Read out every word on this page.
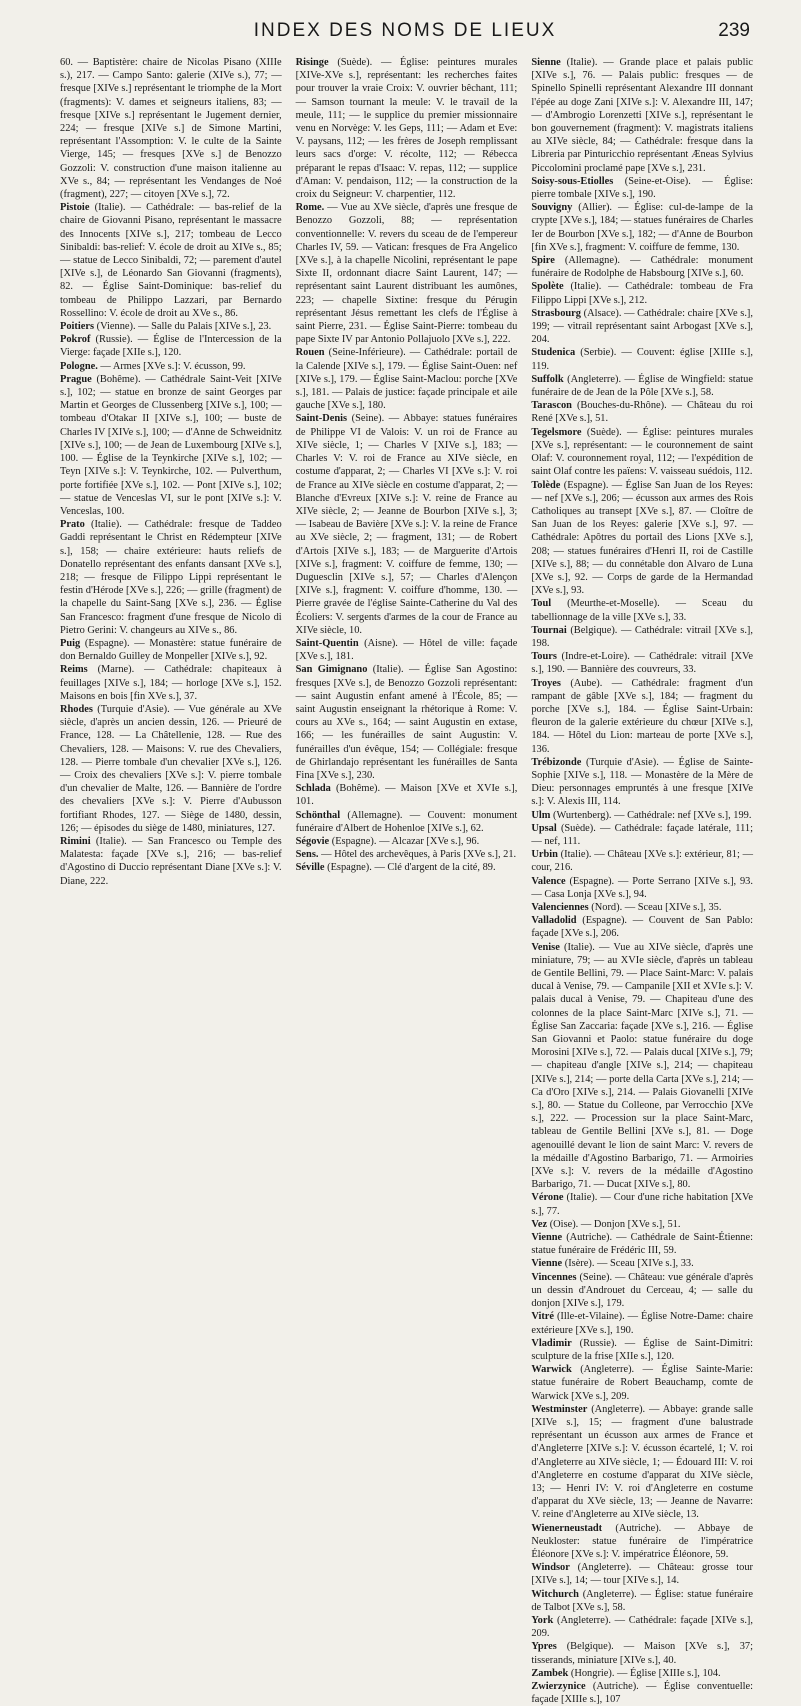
INDEX DES NOMS DE LIEUX	239

60. — Baptistère: chaire de Nicolas Pisano (XIIIe s.), 217. — Campo Santo: galerie (XIVe s.), 77; — fresque [XIVe s.] représentant le triomphe de la Mort (fragments): V. dames et seigneurs italiens, 83; — fresque [XIVe s.] représentant le Jugement dernier, 224; — fresque [XIVe s.] de Simone Martini, représentant l'Assomption: V. le culte de la Sainte Vierge, 145; — fresques [XVe s.] de Benozzo Gozzoli: V. construction d'une maison italienne au XVe s., 84; — représentant les Vendanges de Noé (fragment), 227; — citoyen [XVe s.], 72.

Pistoie (Italie). — Cathédrale: — bas-relief de la chaire de Giovanni Pisano, représentant le massacre des Innocents [XIVe s.], 217; tombeau de Lecco Sinibaldi: bas-relief: V. école de droit au XIVe s., 85; — statue de Lecco Sinibaldi, 72; — parement d'autel [XIVe s.], de Léonardo San Giovanni (fragments), 82. — Église Saint-Dominique: bas-relief du tombeau de Philippo Lazzari, par Bernardo Rossellino: V. école de droit au XVe s., 86.

Poitiers (Vienne). — Salle du Palais [XIVe s.], 23.

Pokrof (Russie). — Église de l'Intercession de la Vierge: façade [XIIe s.], 120.

Pologne. — Armes [XVe s.]: V. écusson, 99.

Prague (Bohême). — Cathédrale Saint-Veit [XIVe s.], 102; — statue en bronze de saint Georges par Martin et Georges de Clussenberg [XIVe s.], 100; — tombeau d'Otakar II [XIVe s.], 100; — buste de Charles IV [XIVe s.], 100; — d'Anne de Schweidnitz [XIVe s.], 100; — de Jean de Luxembourg [XIVe s.], 100. — Église de la Teynkirche [XIVe s.], 102; — Teyn [XIVe s.]: V. Teynkirche, 102. — Pulverthum, porte fortifiée [XVe s.], 102. — Pont [XIVe s.], 102; — statue de Venceslas VI, sur le pont [XIVe s.]: V. Venceslas, 100.

Prato (Italie). — Cathédrale: fresque de Taddeo Gaddi représentant le Christ en Rédempteur [XIVe s.], 158; — chaire extérieure: hauts reliefs de Donatello représentant des enfants dansant [XVe s.], 218; — fresque de Filippo Lippi représentant le festin d'Hérode [XVe s.], 226; — grille (fragment) de la chapelle du Saint-Sang [XVe s.], 236. — Église San Francesco: fragment d'une fresque de Nicolo di Pietro Gerini: V. changeurs au XIVe s., 86.

Puig (Espagne). — Monastère: statue funéraire de don Bernaldo Guilley de Monpeller [XIVe s.], 92.

Reims (Marne). — Cathédrale: chapiteaux à feuillages [XIVe s.], 184; — horloge [XVe s.], 152. Maisons en bois [fin XVe s.], 37.

Rhodes (Turquie d'Asie). — Vue générale au XVe siècle, d'après un ancien dessin, 126. — Prieuré de France, 128. — La Châtellenie, 128. — Rue des Chevaliers, 128. — Maisons: V. rue des Chevaliers, 128. — Pierre tombale d'un chevalier [XVe s.], 126. — Croix des chevaliers [XVe s.]: V. pierre tombale d'un chevalier de Malte, 126. — Bannière de l'ordre des chevaliers [XVe s.]: V. Pierre d'Aubusson fortifiant Rhodes, 127. — Siège de 1480, dessin, 126; — épisodes du siège de 1480, miniatures, 127.

Rimini (Italie). — San Francesco ou Temple des Malatesta: façade [XVe s.], 216; — bas-relief d'Agostino di Duccio représentant Diane [XVe s.]: V. Diane, 222.

Risinge (Suède). — Église: peintures murales [XIVe-XVe s.], représentant: les recherches faites pour trouver la vraie Croix: V. ouvrier bêchant, 111; — Samson tournant la meule: V. le travail de la meule, 111; — le supplice du premier missionnaire venu en Norvège: V. les Geps, 111; — Adam et Eve: V. paysans, 112; — les frères de Joseph remplissant leurs sacs d'orge: V. récolte, 112; — Rébecca préparant le repas d'Isaac: V. repas, 112; — supplice d'Aman: V. pendaison, 112; — la construction de la croix du Seigneur: V. charpentier, 112.

Rome. — Vue au XVe siècle, d'après une fresque de Benozzo Gozzoli, 88; — représentation conventionnelle: V. revers du sceau de de l'empereur Charles IV, 59. — Vatican: fresques de Fra Angelico [XVe s.], à la chapelle Nicolini, représentant le pape Sixte II, ordonnant diacre Saint Laurent, 147; — représentant saint Laurent distribuant les aumônes, 223; — chapelle Sixtine: fresque du Pérugin représentant Jésus remettant les clefs de l'Église à saint Pierre, 231. — Église Saint-Pierre: tombeau du pape Sixte IV par Antonio Pollajuolo [XVe s.], 222.

Rouen (Seine-Inférieure). — Cathédrale: portail de la Calende [XIVe s.], 179. — Église Saint-Ouen: nef [XIVe s.], 179. — Église Saint-Maclou: porche [XVe s.], 181. — Palais de justice: façade principale et aile gauche [XVe s.], 180.

Saint-Denis (Seine). — Abbaye: statues funéraires de Philippe VI de Valois: V. un roi de France au XIVe siècle, 1; — Charles V [XIVe s.], 183; — Charles V: V. roi de France au XIVe siècle, en costume d'apparat, 2; — Charles VI [XVe s.]: V. roi de France au XIVe siècle en costume d'apparat, 2; — Blanche d'Evreux [XIVe s.]: V. reine de France au XIVe siècle, 2; — Jeanne de Bourbon [XIVe s.], 3; — Isabeau de Bavière [XVe s.]: V. la reine de France au XVe siècle, 2; — fragment, 131; — de Robert d'Artois [XIVe s.], 183; — de Marguerite d'Artois [XIVe s.], fragment: V. coiffure de femme, 130; — Duguesclin [XIVe s.], 57; — Charles d'Alençon [XIVe s.], fragment: V. coiffure d'homme, 130. — Pierre gravée de l'église Sainte-Catherine du Val des Écoliers: V. sergents d'armes de la cour de France au XIVe siècle, 10.

Saint-Quentin (Aisne). — Hôtel de ville: façade [XVe s.], 181.

San Gimignano (Italie). — Église San Agostino: fresques [XVe s.], de Benozzo Gozzoli représentant: — saint Augustin enfant amené à l'École, 85; — saint Augustin enseignant la rhétorique à Rome: V. cours au XVe s., 164; — saint Augustin en extase, 166; — les funérailles de saint Augustin: V. funérailles d'un évêque, 154; — Collégiale: fresque de Ghirlandajo représentant les funérailles de Santa Fina [XVe s.], 230.

Schlada (Bohême). — Maison [XVe et XVIe s.], 101.

Schönthal (Allemagne). — Couvent: monument funéraire d'Albert de Hohenloe [XIVe s.], 62.

Ségovie (Espagne). — Alcazar [XVe s.], 96.

Sens. — Hôtel des archevêques, à Paris [XVe s.], 21.

Séville (Espagne). — Clé d'argent de la cité, 89.

Sienne (Italie). — Grande place et palais public [XIVe s.], 76. — Palais public: fresques — de Spinello Spinelli représentant Alexandre III donnant l'épée au doge Zani [XIVe s.]: V. Alexandre III, 147; — d'Ambrogio Lorenzetti [XIVe s.], représentant le bon gouvernement (fragment): V. magistrats italiens au XIVe siècle, 84; — Cathédrale: fresque dans la Libreria par Pinturicchio représentant Æneas Sylvius Piccolomini proclamé pape [XVe s.], 231.

Soisy-sous-Etiolles (Seine-et-Oise). — Église: pierre tombale [XIVe s.], 190.

Souvigny (Allier). — Église: cul-de-lampe de la crypte [XVe s.], 184; — statues funéraires de Charles Ier de Bourbon [XVe s.], 182; — d'Anne de Bourbon [fin XVe s.], fragment: V. coiffure de femme, 130.

Spire (Allemagne). — Cathédrale: monument funéraire de Rodolphe de Habsbourg [XIVe s.], 60.

Spolète (Italie). — Cathédrale: tombeau de Fra Filippo Lippi [XVe s.], 212.

Strasbourg (Alsace). — Cathédrale: chaire [XVe s.], 199; — vitrail représentant saint Arbogast [XVe s.], 204.

Studenica (Serbie). — Couvent: église [XIIIe s.], 119.

Suffolk (Angleterre). — Église de Wingfield: statue funéraire de de Jean de la Pôle [XVe s.], 58.

Tarascon (Bouches-du-Rhône). — Château du roi René [XVe s.], 51.

Tegelsmore (Suède). — Église: peintures murales [XVe s.], représentant: — le couronnement de saint Olaf: V. couronnement royal, 112; — l'expédition de saint Olaf contre les païens: V. vaisseau suédois, 112.

Tolède (Espagne). — Église San Juan de los Reyes: — nef [XVe s.], 206; — écusson aux armes des Rois Catholiques au transept [XVe s.], 87. — Cloître de San Juan de los Reyes: galerie [XVe s.], 97. — Cathédrale: Apôtres du portail des Lions [XVe s.], 208; — statues funéraires d'Henri II, roi de Castille [XIVe s.], 88; — du connétable don Alvaro de Luna [XVe s.], 92. — Corps de garde de la Hermandad [XVe s.], 93.

Toul (Meurthe-et-Moselle). — Sceau du tabellionnage de la ville [XVe s.], 33.

Tournai (Belgique). — Cathédrale: vitrail [XVe s.], 198.

Tours (Indre-et-Loire). — Cathédrale: vitrail [XVe s.], 190. — Bannière des couvreurs, 33.

Troyes (Aube). — Cathédrale: fragment d'un rampant de gâble [XVe s.], 184; — fragment du porche [XVe s.], 184. — Église Saint-Urbain: fleuron de la galerie extérieure du chœur [XIVe s.], 184. — Hôtel du Lion: marteau de porte [XVe s.], 136.

Trébizonde (Turquie d'Asie). — Église de Sainte-Sophie [XIVe s.], 118. — Monastère de la Mère de Dieu: personnages empruntés à une fresque [XIVe s.]: V. Alexis III, 114.

Ulm (Wurtenberg). — Cathédrale: nef [XVe s.], 199.

Upsal (Suède). — Cathédrale: façade latérale, 111; — nef, 111.

Urbin (Italie). — Château [XVe s.]: extérieur, 81; — cour, 216.

Valence (Espagne). — Porte Serrano [XIVe s.], 93. — Casa Lonja [XVe s.], 94.

Valenciennes (Nord). — Sceau [XIVe s.], 35.

Valladolid (Espagne). — Couvent de San Pablo: façade [XVe s.], 206.

Venise (Italie). — Vue au XIVe siècle, d'après une miniature, 79; — au XVIe siècle, d'après un tableau de Gentile Bellini, 79. — Place Saint-Marc: V. palais ducal à Venise, 79. — Campanile [XII et XVIe s.]: V. palais ducal à Venise, 79. — Chapiteau d'une des colonnes de la place Saint-Marc [XIVe s.], 71. — Église San Zaccaria: façade [XVe s.], 216. — Église San Giovanni et Paolo: statue funéraire du doge Morosini [XIVe s.], 72. — Palais ducal [XIVe s.], 79; — chapiteau d'angle [XIVe s.], 214; — chapiteau [XIVe s.], 214; — porte della Carta [XVe s.], 214; — Ca d'Oro [XIVe s.], 214. — Palais Giovanelli [XIVe s.], 80. — Statue du Colleone, par Verrocchio [XVe s.], 222. — Procession sur la place Saint-Marc, tableau de Gentile Bellini [XVe s.], 81. — Doge agenouillé devant le lion de saint Marc: V. revers de la médaille d'Agostino Barbarigo, 71. — Armoiries [XVe s.]: V. revers de la médaille d'Agostino Barbarigo, 71. — Ducat [XIVe s.], 80.

Vérone (Italie). — Cour d'une riche habitation [XVe s.], 77.

Vez (Oise). — Donjon [XVe s.], 51.

Vienne (Autriche). — Cathédrale de Saint-Étienne: statue funéraire de Frédéric III, 59.

Vienne (Isère). — Sceau [XIVe s.], 33.

Vincennes (Seine). — Château: vue générale d'après un dessin d'Androuet du Cerceau, 4; — salle du donjon [XIVe s.], 179.

Vitré (Ille-et-Vilaine). — Église Notre-Dame: chaire extérieure [XVe s.], 190.

Vladimir (Russie). — Église de Saint-Dimitri: sculpture de la frise [XIIe s.], 120.

Warwick (Angleterre). — Église Sainte-Marie: statue funéraire de Robert Beauchamp, comte de Warwick [XVe s.], 209.

Westminster (Angleterre). — Abbaye: grande salle [XIVe s.], 15; — fragment d'une balustrade représentant un écusson aux armes de France et d'Angleterre [XIVe s.]: V. écusson écartelé, 1; V. roi d'Angleterre au XIVe siècle, 1; — Édouard III: V. roi d'Angleterre en costume d'apparat du XIVe siècle, 13; — Henri IV: V. roi d'Angleterre en costume d'apparat du XVe siècle, 13; — Jeanne de Navarre: V. reine d'Angleterre au XIVe siècle, 13.

Wienerneustadt (Autriche). — Abbaye de Neukloster: statue funéraire de l'impératrice Éléonore [XVe s.]: V. impératrice Éléonore, 59.

Windsor (Angleterre). — Château: grosse tour [XIVe s.], 14; — tour [XIVe s.], 14.

Witchurch (Angleterre). — Église: statue funéraire de Talbot [XVe s.], 58.

York (Angleterre). — Cathédrale: façade [XIVe s.], 209.

Ypres (Belgique). — Maison [XVe s.], 37; tisserands, miniature [XIVe s.], 40.

Zambek (Hongrie). — Église [XIIIe s.], 104.

Zwierzynice (Autriche). — Église conventuelle: façade [XIIIe s.], 107
